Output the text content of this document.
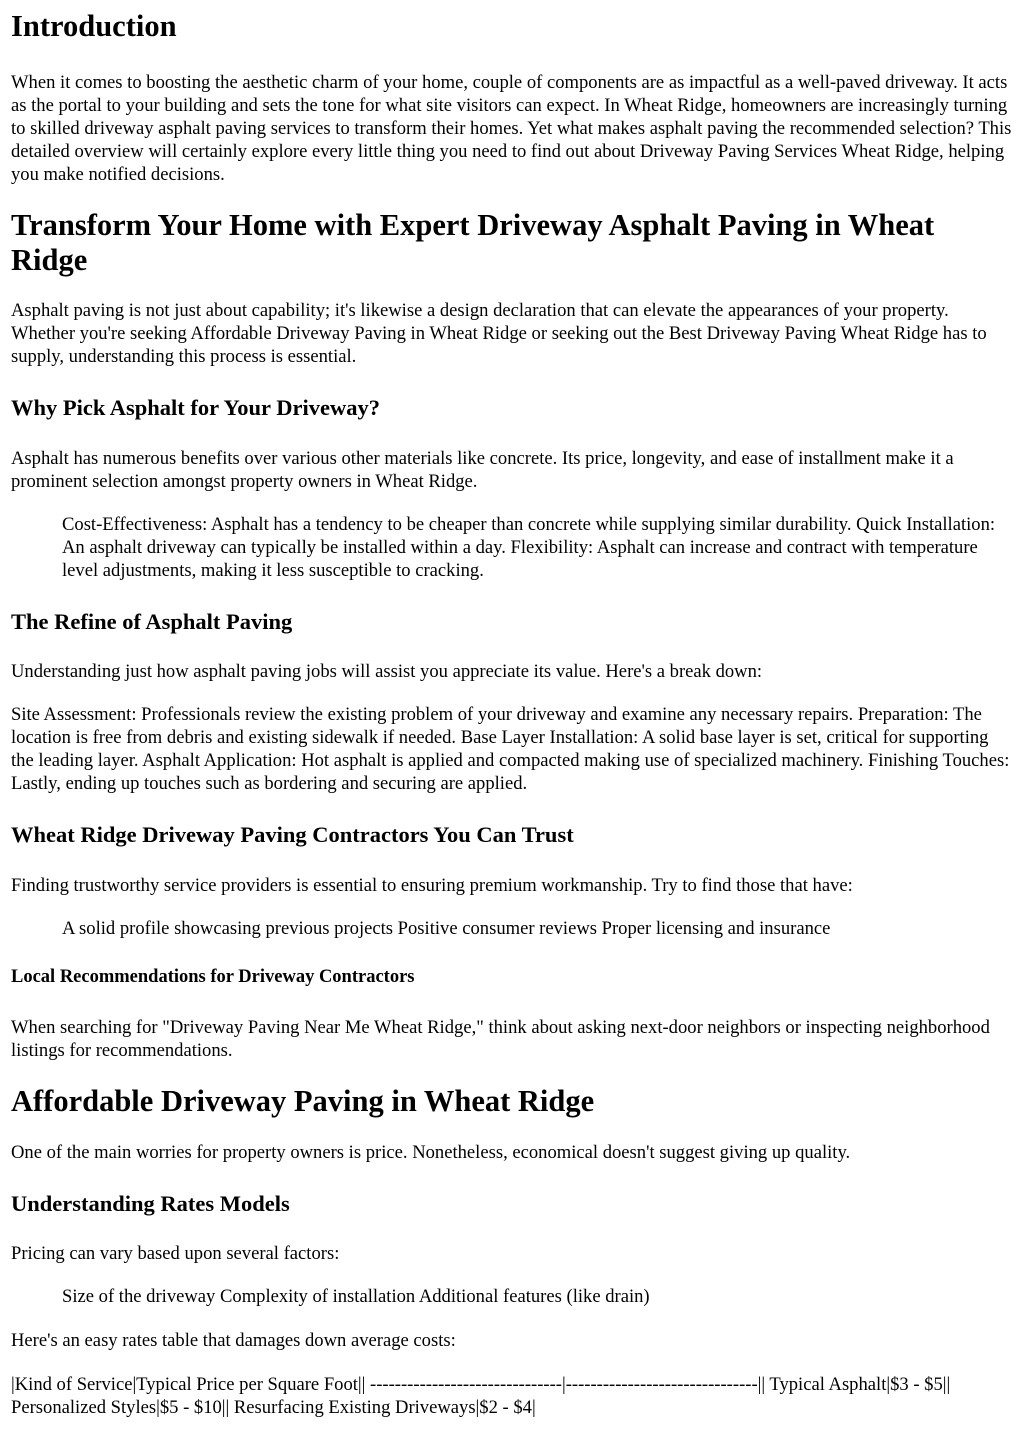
Introduction

When it comes to boosting the aesthetic charm of your home, couple of components are as impactful as a well-paved driveway. It acts as the portal to your building and sets the tone for what site visitors can expect. In Wheat Ridge, homeowners are increasingly turning to skilled driveway asphalt paving services to transform their homes. Yet what makes asphalt paving the recommended selection? This detailed overview will certainly explore every little thing you need to find out about Driveway Paving Services Wheat Ridge, helping you make notified decisions.

Transform Your Home with Expert Driveway Asphalt Paving in Wheat Ridge

Asphalt paving is not just about capability; it's likewise a design declaration that can elevate the appearances of your property. Whether you're seeking Affordable Driveway Paving in Wheat Ridge or seeking out the Best Driveway Paving Wheat Ridge has to supply, understanding this process is essential.

Why Pick Asphalt for Your Driveway?

Asphalt has numerous benefits over various other materials like concrete. Its price, longevity, and ease of installment make it a prominent selection amongst property owners in Wheat Ridge.

Cost-Effectiveness: Asphalt has a tendency to be cheaper than concrete while supplying similar durability. Quick Installation: An asphalt driveway can typically be installed within a day. Flexibility: Asphalt can increase and contract with temperature level adjustments, making it less susceptible to cracking.
The Refine of Asphalt Paving

Understanding just how asphalt paving jobs will assist you appreciate its value. Here's a break down:

Site Assessment: Professionals review the existing problem of your driveway and examine any necessary repairs. Preparation: The location is free from debris and existing sidewalk if needed. Base Layer Installation: A solid base layer is set, critical for supporting the leading layer. Asphalt Application: Hot asphalt is applied and compacted making use of specialized machinery. Finishing Touches: Lastly, ending up touches such as bordering and securing are applied.

Wheat Ridge Driveway Paving Contractors You Can Trust

Finding trustworthy service providers is essential to ensuring premium workmanship. Try to find those that have:

A solid profile showcasing previous projects Positive consumer reviews Proper licensing and insurance
Local Recommendations for Driveway Contractors

When searching for "Driveway Paving Near Me Wheat Ridge," think about asking next-door neighbors or inspecting neighborhood listings for recommendations.

Affordable Driveway Paving in Wheat Ridge

One of the main worries for property owners is price. Nonetheless, economical doesn't suggest giving up quality.

Understanding Rates Models

Pricing can vary based upon several factors:

Size of the driveway Complexity of installation Additional features (like drain)

Here's an easy rates table that damages down average costs:

|Kind of Service|Typical Price per Square Foot|| -------------------------------|-------------------------------|| Typical Asphalt|$3 - $5|| Personalized Styles|$5 - $10|| Resurfacing Existing Driveways|$2 - $4|
